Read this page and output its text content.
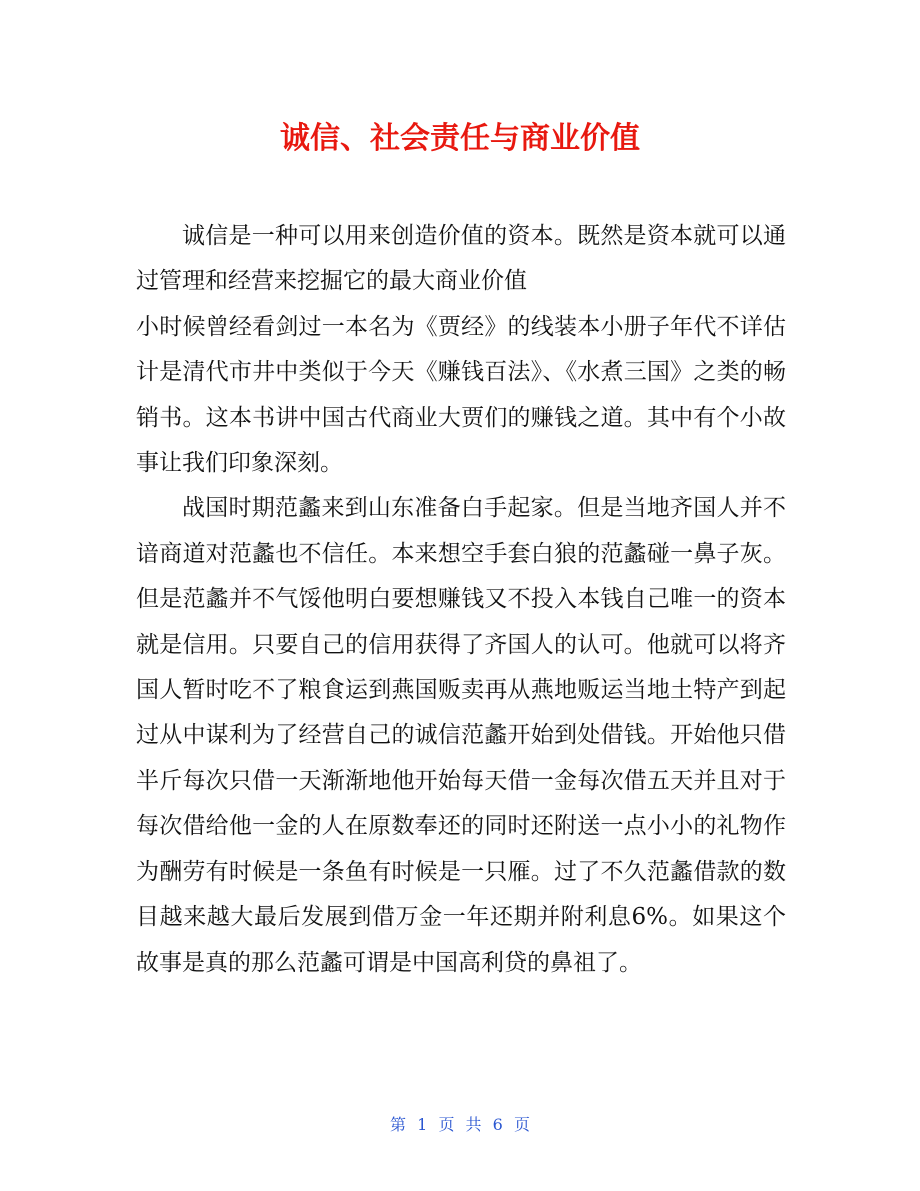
诚信、社会责任与商业价值

诚信是一种可以用来创造价值的资本。既然是资本就可以通过管理和经营来挖掘它的最大商业价值

小时候曾经看剑过一本名为《贾经》的线装本小册子年代不详估计是清代市井中类似于今天《赚钱百法》、《水煮三国》之类的畅销书。这本书讲中国古代商业大贾们的赚钱之道。其中有个小故事让我们印象深刻。

战国时期范蠡来到山东准备白手起家。但是当地齐国人并不谙商道对范蠡也不信任。本来想空手套白狼的范蠡碰一鼻子灰。但是范蠡并不气馁他明白要想赚钱又不投入本钱自己唯一的资本就是信用。只要自己的信用获得了齐国人的认可。他就可以将齐国人暂时吃不了粮食运到燕国贩卖再从燕地贩运当地土特产到起过从中谋利为了经营自己的诚信范蠡开始到处借钱。开始他只借半斤每次只借一天渐渐地他开始每天借一金每次借五天并且对于每次借给他一金的人在原数奉还的同时还附送一点小小的礼物作为酬劳有时候是一条鱼有时候是一只雁。过了不久范蠡借款的数目越来越大最后发展到借万金一年还期并附利息6%。如果这个故事是真的那么范蠡可谓是中国高利贷的鼻祖了。

第 1 页 共 6 页
